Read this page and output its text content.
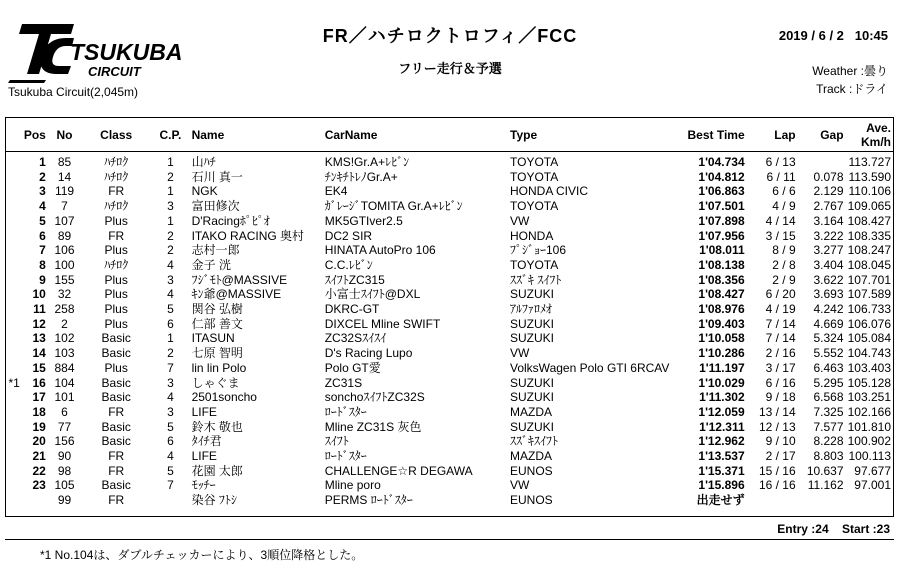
TSUKUBA
CIRCUIT
Tsukuba Circuit(2,045m)
FR／ハチロクトロフィ／FCC
フリー走行＆予選
2019 / 6 / 2 10:45
Weather :曇り
Track :ドライ
	Pos	No	Class	C.P.	Name	CarName	Type	Best Time	Lap	Gap	Ave.
Km/h
	1	85	ﾊﾁﾛｸ	1	山ﾊﾁ	KMS!Gr.A+ﾚﾋﾞﾝ	TOYOTA	1'04.734	6 / 13		113.727
	2	14	ﾊﾁﾛｸ	2	石川 真一	ﾁﾝｷﾁﾄﾚﾉGr.A+	TOYOTA	1'04.812	6 / 11	0.078	113.590
	3	119	FR	1	NGK	EK4	HONDA CIVIC	1'06.863	6 / 6	2.129	110.106
	4	7	ﾊﾁﾛｸ	3	富田修次	ｶﾞﾚｰｼﾞTOMITA Gr.A+ﾚﾋﾞﾝ	TOYOTA	1'07.501	4 / 9	2.767	109.065
	5	107	Plus	1	D'Racingﾎﾟﾋﾟｵ	MK5GTIver2.5	VW	1'07.898	4 / 14	3.164	108.427
	6	89	FR	2	ITAKO RACING 奥村	DC2 SIR	HONDA	1'07.956	3 / 15	3.222	108.335
	7	106	Plus	2	志村一郎	HINATA AutoPro 106	ﾌﾟｼﾞｮｰ106	1'08.011	8 / 9	3.277	108.247
	8	100	ﾊﾁﾛｸ	4	金子 洸	C.C.ﾚﾋﾞﾝ	TOYOTA	1'08.138	2 / 8	3.404	108.045
	9	155	Plus	3	ﾌｼﾞﾓﾄ@MASSIVE	ｽｲﾌﾄZC315	ｽｽﾞｷ ｽｲﾌﾄ	1'08.356	2 / 9	3.622	107.701
	10	32	Plus	4	ｷﾝ爺@MASSIVE	小富士ｽｲﾌﾄ@DXL	SUZUKI	1'08.427	6 / 20	3.693	107.589
	11	258	Plus	5	関谷 弘樹	DKRC-GT	ｱﾙﾌｧﾛﾒｵ	1'08.976	4 / 19	4.242	106.733
	12	2	Plus	6	仁部 善文	DIXCEL Mline SWIFT	SUZUKI	1'09.403	7 / 14	4.669	106.076
	13	102	Basic	1	ITASUN	ZC32Sｽｲｽｲ	SUZUKI	1'10.058	7 / 14	5.324	105.084
	14	103	Basic	2	七原 智明	D's Racing Lupo	VW	1'10.286	2 / 16	5.552	104.743
	15	884	Plus	7	lin lin Polo	Polo GT愛	VolksWagen Polo GTI 6RCAV	1'11.197	3 / 17	6.463	103.403
*1	16	104	Basic	3	しゃぐま	ZC31S	SUZUKI	1'10.029	6 / 16	5.295	105.128
	17	101	Basic	4	2501soncho	sonchoｽｲﾌﾄZC32S	SUZUKI	1'11.302	9 / 18	6.568	103.251
	18	6	FR	3	LIFE	ﾛｰﾄﾞｽﾀｰ	MAZDA	1'12.059	13 / 14	7.325	102.166
	19	77	Basic	5	鈴木 敬也	Mline ZC31S 灰色	SUZUKI	1'12.311	12 / 13	7.577	101.810
	20	156	Basic	6	ﾀｲﾁ君	ｽｲﾌﾄ	ｽｽﾞｷｽｲﾌﾄ	1'12.962	9 / 10	8.228	100.902
	21	90	FR	4	LIFE	ﾛｰﾄﾞｽﾀｰ	MAZDA	1'13.537	2 / 17	8.803	100.113
	22	98	FR	5	花園 太郎	CHALLENGE☆R DEGAWA	EUNOS	1'15.371	15 / 16	10.637	97.677
	23	105	Basic	7	ﾓｯﾁｰ	Mline poro	VW	1'15.896	16 / 16	11.162	97.001
		99	FR		染谷 ﾌﾄｼ	PERMS ﾛｰﾄﾞｽﾀｰ	EUNOS	出走せず			
Entry :24 Start :23
*1 No.104は、ダブルチェッカーにより、3順位降格とした。
